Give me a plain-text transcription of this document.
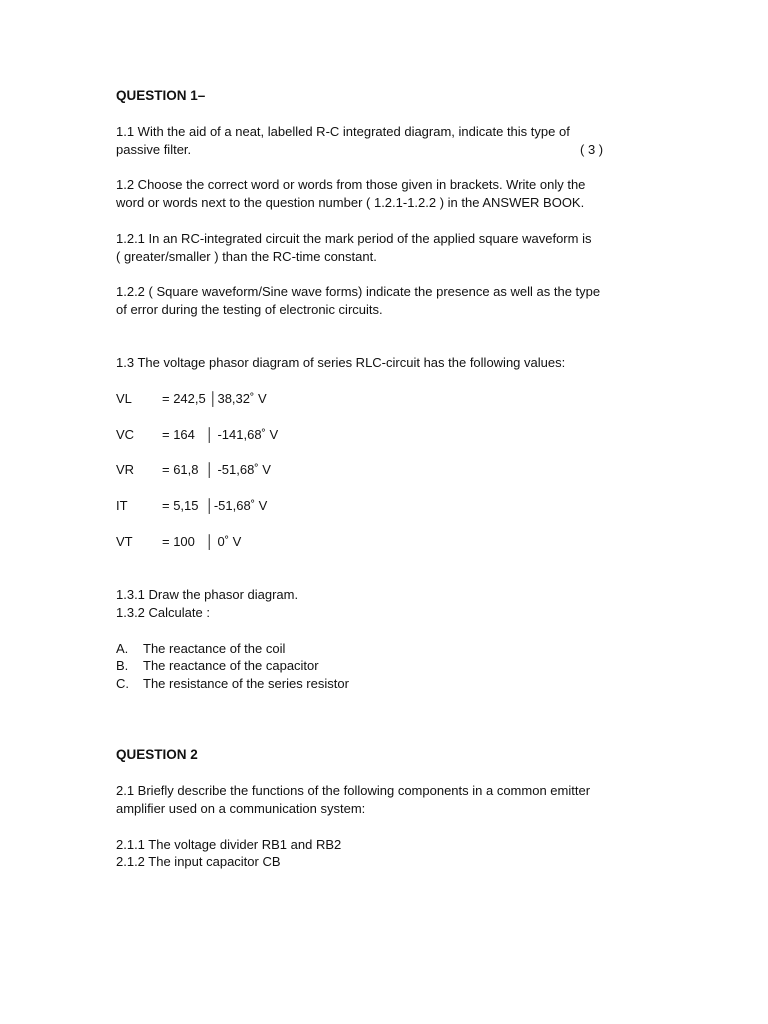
QUESTION 1–
1.1 With the aid of a neat, labelled R-C integrated diagram, indicate this type of
passive filter.	( 3 )
1.2 Choose the correct word or words from those given in brackets. Write only the
word or words next to the question number ( 1.2.1-1.2.2 ) in the ANSWER BOOK.
1.2.1 In an RC-integrated circuit the mark period of the applied square waveform is
( greater/smaller ) than the RC-time constant.
1.2.2 ( Square waveform/Sine wave forms) indicate the presence as well as the type
of error during the testing of electronic circuits.
1.3 The voltage phasor diagram of series RLC-circuit has the following values:
VL = 242,5 │38,32˚ V
VC = 164   │ -141,68˚ V
VR = 61,8  │ -51,68˚ V
IT	= 5,15  │-51,68˚ V
VT = 100   │ 0˚ V
1.3.1 Draw the phasor diagram.
1.3.2 Calculate :
A. The reactance of the coil
B. The reactance of the capacitor
C. The resistance of the series resistor
QUESTION 2
2.1 Briefly describe the functions of the following components in a common emitter
amplifier used on a communication system:
2.1.1 The voltage divider RB1 and RB2
2.1.2 The input capacitor CB
